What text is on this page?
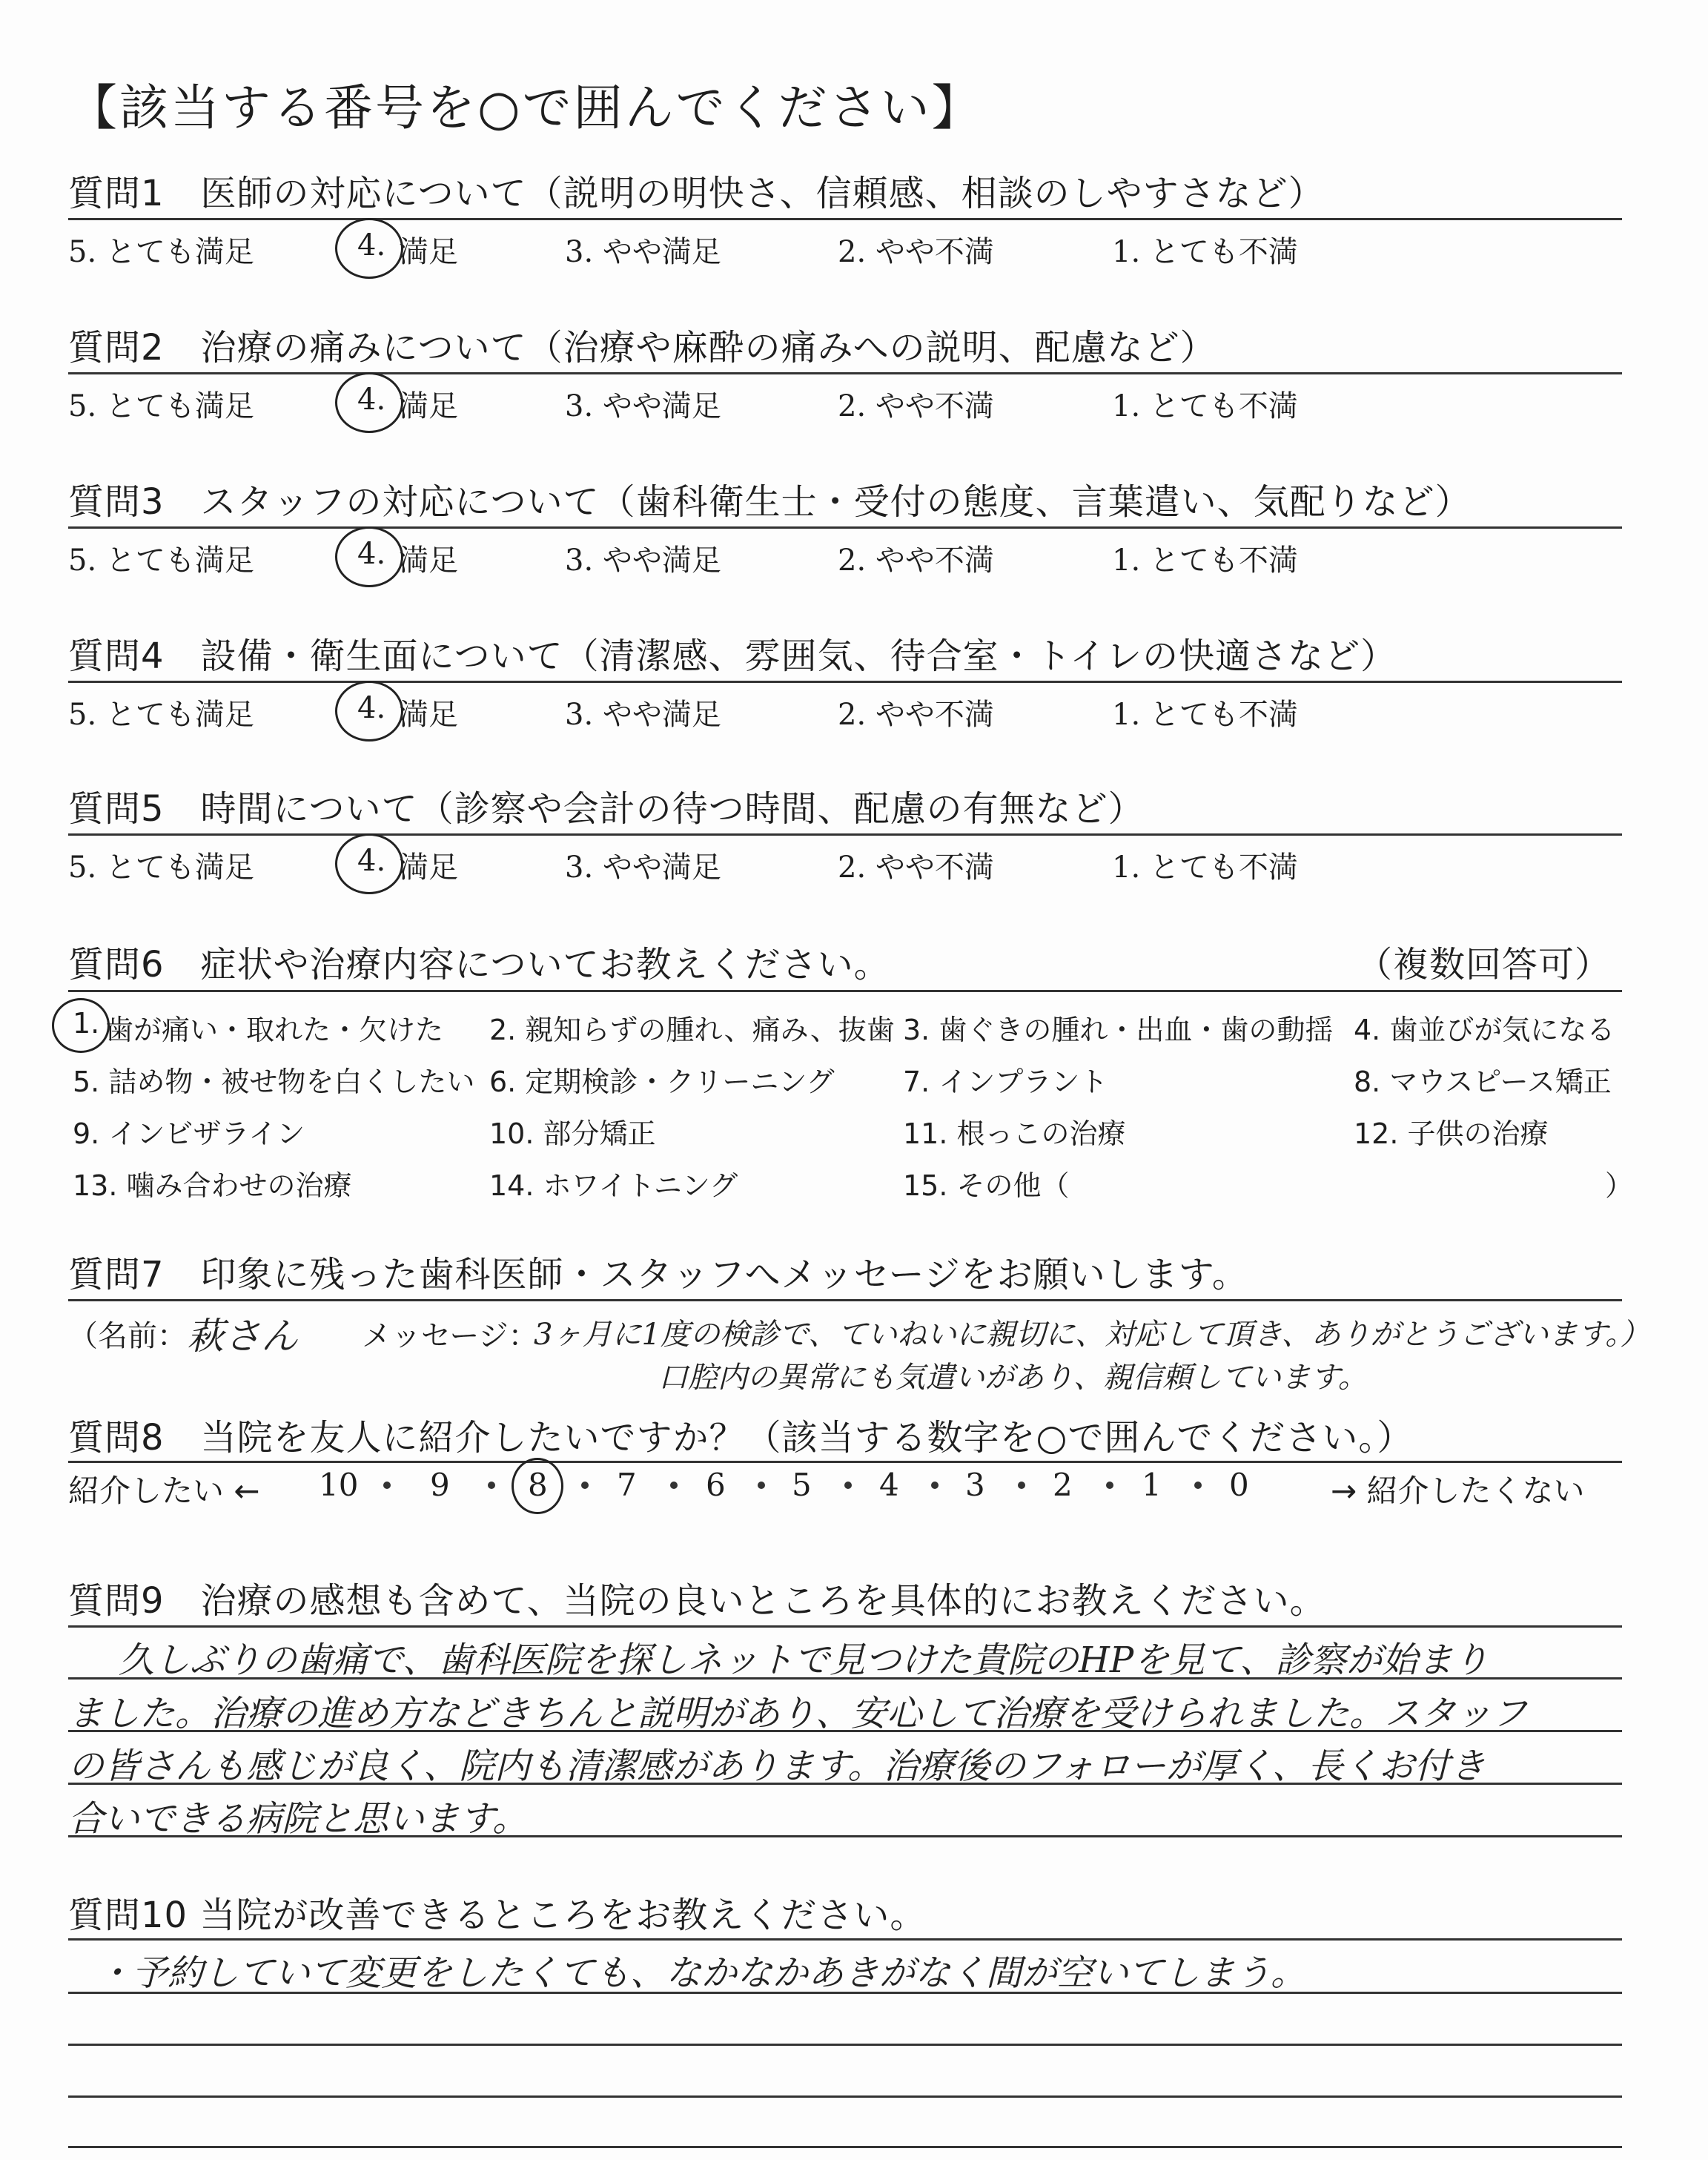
【該当する番号を○で囲んでください】
質問1　医師の対応について（説明の明快さ、信頼感、相談のしやすさなど）
5. とても満足	4. 満足	3. やや満足	2. やや不満	1. とても不満
質問2　治療の痛みについて（治療や麻酔の痛みへの説明、配慮など）
5. とても満足	4. 満足	3. やや満足	2. やや不満	1. とても不満
質問3　スタッフの対応について（歯科衛生士・受付の態度、言葉遣い、気配りなど）
5. とても満足	4. 満足	3. やや満足	2. やや不満	1. とても不満
質問4　設備・衛生面について（清潔感、雰囲気、待合室・トイレの快適さなど）
5. とても満足	4. 満足	3. やや満足	2. やや不満	1. とても不満
質問5　時間について（診察や会計の待つ時間、配慮の有無など）
5. とても満足	4. 満足	3. やや満足	2. やや不満	1. とても不満
質問6　症状や治療内容についてお教えください。	（複数回答可）
1. 歯が痛い・取れた・欠けた 2. 親知らずの腫れ、痛み、抜歯 3. 歯ぐきの腫れ・出血・歯の動揺 4. 歯並びが気になる
5. 詰め物・被せ物を白くしたい 6. 定期検診・クリーニング 7. インプラント	8. マウスピース矯正
9. インビザライン	10. 部分矯正	11. 根っこの治療	12. 子供の治療
13. 噛み合わせの治療	14. ホワイトニング	15. その他（	）
質問7　印象に残った歯科医師・スタッフへメッセージをお願いします。
（名前： 萩さん メッセージ：
3ヶ月に1度の検診で、ていねいに親切に、対応して頂き、ありがとうございます。）
口腔内の異常にも気遣いがあり、親信頼しています。
質問8　当院を友人に紹介したいですか？（該当する数字を○で囲んでください。）
紹介したい ←	→ 紹介したくない
10 9	8 7 6 5 4 3 2 1 0
質問9　治療の感想も含めて、当院の良いところを具体的にお教えください。
久しぶりの歯痛で、歯科医院を探しネットで見つけた貴院のHPを見て、診察が始まり
ました。治療の進め方などきちんと説明があり、安心して治療を受けられました。スタッフ
の皆さんも感じが良く、院内も清潔感があります。治療後のフォローが厚く、長くお付き
合いできる病院と思います。
質問10 当院が改善できるところをお教えください。
・予約していて変更をしたくても、なかなかあきがなく間が空いてしまう。
